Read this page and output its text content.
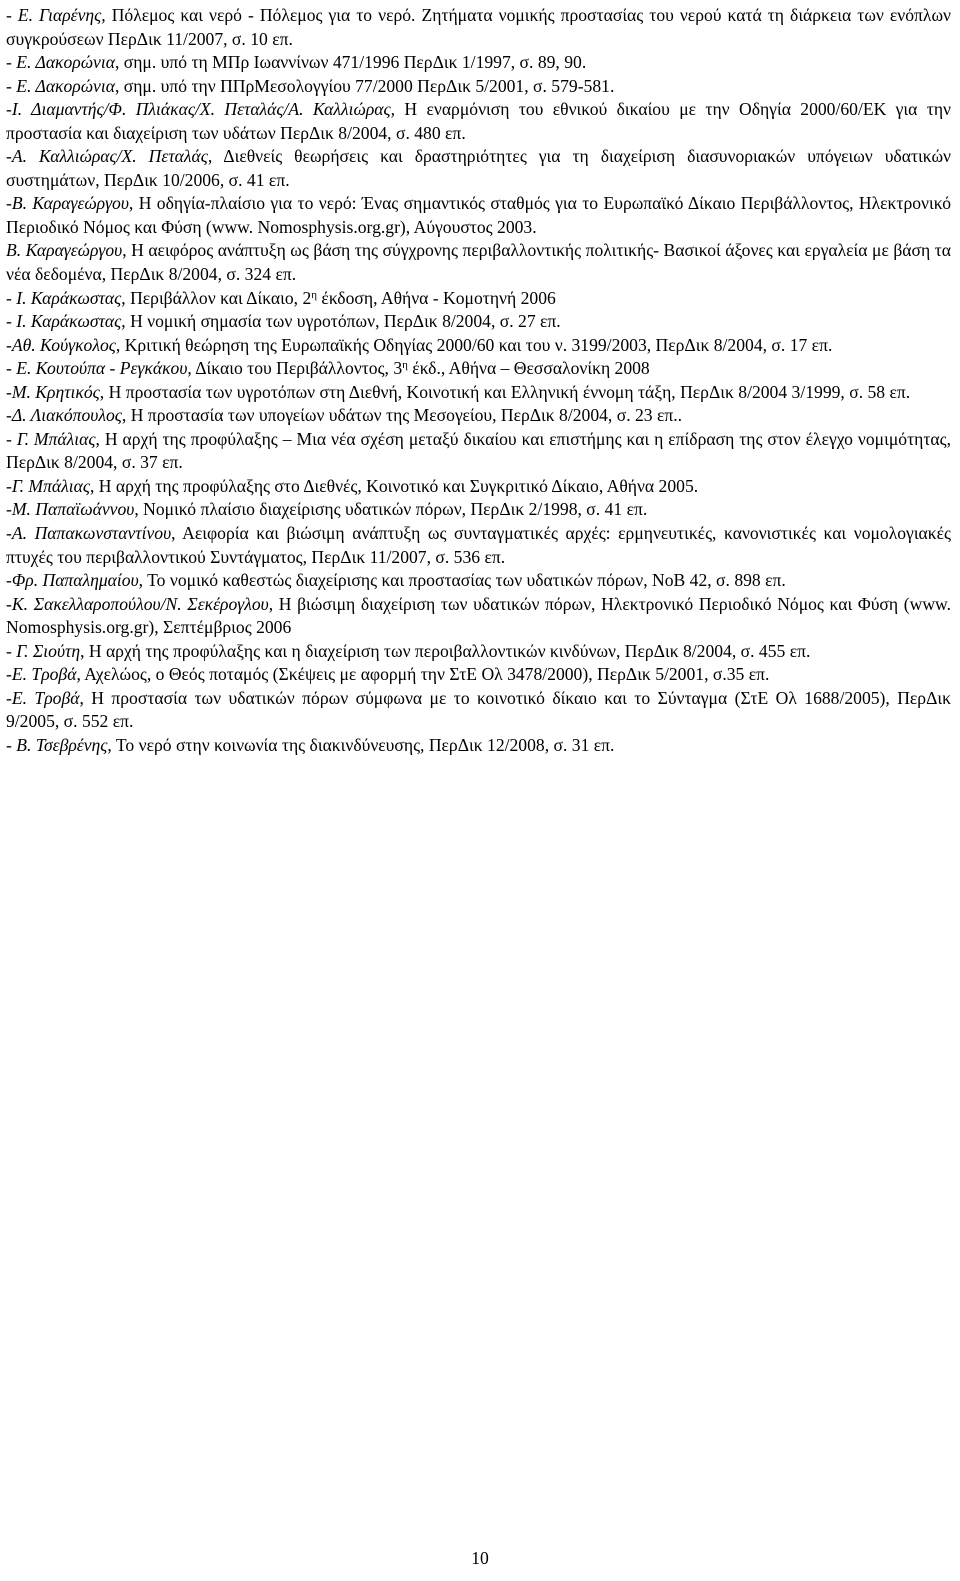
- Ε. Γιαρένης, Πόλεμος και νερό - Πόλεμος για το νερό. Ζητήματα νομικής προστασίας του νερού κατά τη διάρκεια των ενόπλων συγκρούσεων ΠερΔικ 11/2007, σ. 10 επ.

- Ε. Δακορώνια, σημ. υπό τη ΜΠρ Ιωαννίνων 471/1996 ΠερΔικ 1/1997, σ. 89, 90.

- Ε. Δακορώνια, σημ. υπό την ΠΠρΜεσολογγίου 77/2000 ΠερΔικ 5/2001, σ. 579-581.

-Ι. Διαμαντής/Φ. Πλιάκας/Χ. Πεταλάς/Α. Καλλιώρας, Η εναρμόνιση του εθνικού δικαίου με την Οδηγία 2000/60/ΕΚ για την προστασία και διαχείριση των υδάτων ΠερΔικ 8/2004, σ. 480 επ.

-Α. Καλλιώρας/Χ. Πεταλάς, Διεθνείς θεωρήσεις και δραστηριότητες για τη διαχείριση διασυνοριακών υπόγειων υδατικών συστημάτων, ΠερΔικ 10/2006, σ. 41 επ.

-Β. Καραγεώργου, Η οδηγία-πλαίσιο για το νερό: Ένας σημαντικός σταθμός για το Ευρωπαϊκό Δίκαιο Περιβάλλοντος, Ηλεκτρονικό Περιοδικό Νόμος και Φύση (www. Nomosphysis.org.gr), Αύγουστος 2003.

Β. Καραγεώργου, Η αειφόρος ανάπτυξη ως βάση της σύγχρονης περιβαλλοντικής πολιτικής- Βασικοί άξονες και εργαλεία με βάση τα νέα δεδομένα, ΠερΔικ 8/2004, σ. 324 επ.

- Ι. Καράκωστας, Περιβάλλον και Δίκαιο, $2^\eta$ έκδοση, Αθήνα - Κομοτηνή 2006

- Ι. Καράκωστας, Η νομική σημασία των υγροτόπων, ΠερΔικ 8/2004, σ. 27 επ.

-Αθ. Κούγκολος, Κριτική θεώρηση της Ευρωπαϊκής Οδηγίας 2000/60 και του ν. 3199/2003, ΠερΔικ 8/2004, σ. 17 επ.

- Ε. Κουτούπα - Ρεγκάκου, Δίκαιο του Περιβάλλοντος, $3^\eta$ έκδ., Αθήνα – Θεσσαλονίκη 2008

-Μ. Κρητικός, Η προστασία των υγροτόπων στη Διεθνή, Κοινοτική και Ελληνική έννομη τάξη, ΠερΔικ 8/2004 3/1999, σ. 58 επ.

-Δ. Λιακόπουλος, Η προστασία των υπογείων υδάτων της Μεσογείου, ΠερΔικ 8/2004, σ. 23 επ..

- Γ. Μπάλιας, Η αρχή της προφύλαξης – Μια νέα σχέση μεταξύ δικαίου και επιστήμης και η επίδραση της στον έλεγχο νομιμότητας, ΠερΔικ 8/2004, σ. 37 επ.

-Γ. Μπάλιας, Η αρχή της προφύλαξης στο Διεθνές, Κοινοτικό και Συγκριτικό Δίκαιο, Αθήνα 2005.

-Μ. Παπαϊωάννου, Νομικό πλαίσιο διαχείρισης υδατικών πόρων, ΠερΔικ 2/1998, σ. 41 επ.

-Α. Παπακωνσταντίνου, Αειφορία και βιώσιμη ανάπτυξη ως συνταγματικές αρχές: ερμηνευτικές, κανονιστικές και νομολογιακές πτυχές του περιβαλλοντικού Συντάγματος, ΠερΔικ 11/2007, σ. 536 επ.

-Φρ. Παπαλημαίου, Το νομικό καθεστώς διαχείρισης και προστασίας των υδατικών πόρων, ΝοΒ 42, σ. 898 επ.

-Κ. Σακελλαροπούλου/Ν. Σεκέρογλου, Η βιώσιμη διαχείριση των υδατικών πόρων, Ηλεκτρονικό Περιοδικό Νόμος και Φύση (www. Nomosphysis.org.gr), Σεπτέμβριος 2006

- Γ. Σιούτη, Η αρχή της προφύλαξης και η διαχείριση των περοιβαλλοντικών κινδύνων, ΠερΔικ 8/2004, σ. 455 επ.

-Ε. Τροβά, Αχελώος, ο Θεός ποταμός (Σκέψεις με αφορμή την ΣτΕ Ολ 3478/2000), ΠερΔικ 5/2001, σ.35 επ.

-Ε. Τροβά, Η προστασία των υδατικών πόρων σύμφωνα με το κοινοτικό δίκαιο και το Σύνταγμα (ΣτΕ Ολ 1688/2005), ΠερΔικ 9/2005, σ. 552 επ.

- Β. Τσεβρένης, Το νερό στην κοινωνία της διακινδύνευσης, ΠερΔικ 12/2008, σ. 31 επ.

10
